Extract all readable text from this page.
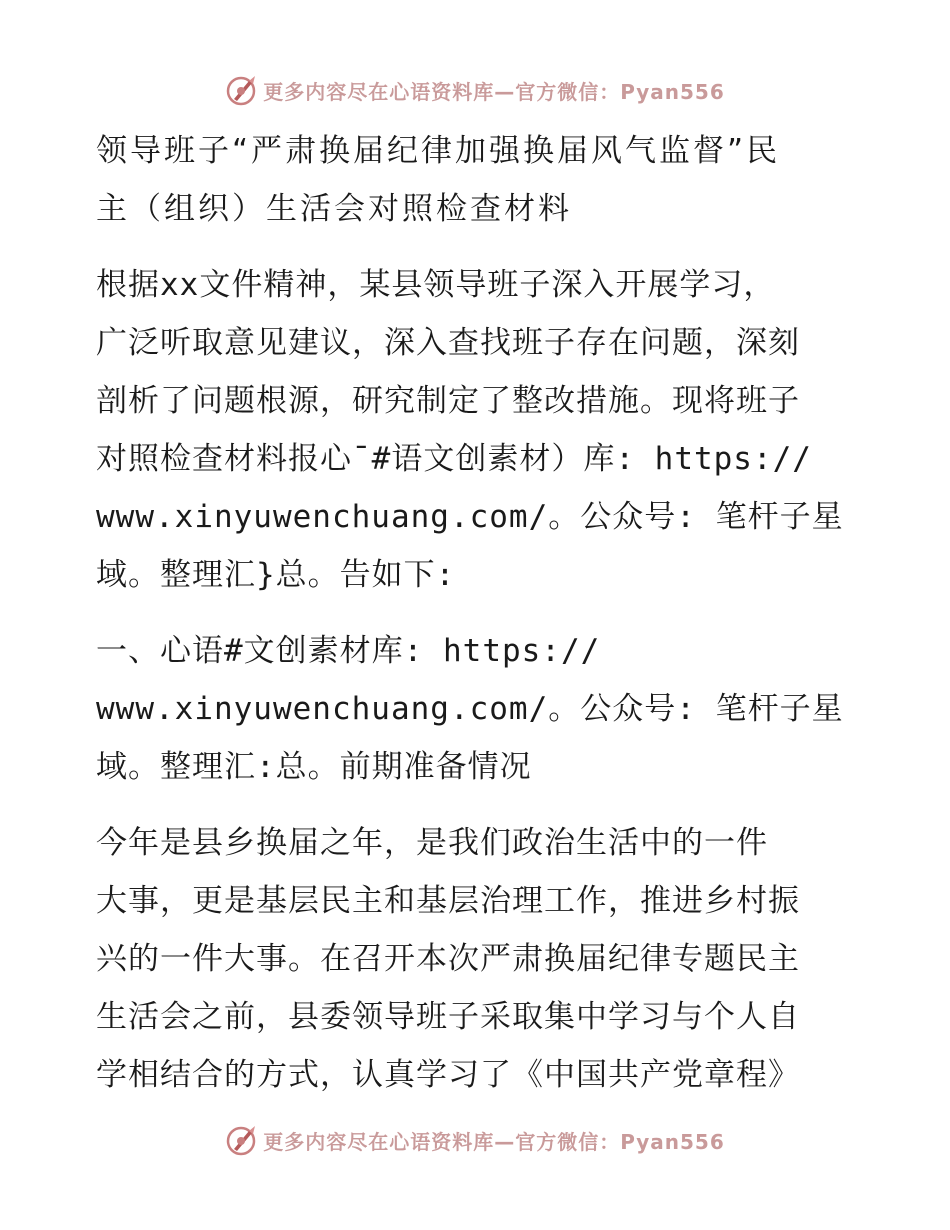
更多内容尽在心语资料库—官方微信：Pyan556
领导班子“严肃换届纪律加强换届风气监督”民
主（组织）生活会对照检查材料
根据xx文件精神，某县领导班子深入开展学习，
广泛听取意见建议，深入查找班子存在问题，深刻
剖析了问题根源，研究制定了整改措施。现将班子
对照检查材料报心¯#语文创素材）库: https://
www.xinyuwenchuang.com/。公众号: 笔杆子星
域。整理汇}总。告如下:
一、心语#文创素材库: https://
www.xinyuwenchuang.com/。公众号: 笔杆子星
域。整理汇:总。前期准备情况
今年是县乡换届之年，是我们政治生活中的一件
大事，更是基层民主和基层治理工作，推进乡村振
兴的一件大事。在召开本次严肃换届纪律专题民主
生活会之前，县委领导班子采取集中学习与个人自
学相结合的方式，认真学习了《中国共产党章程》
更多内容尽在心语资料库—官方微信：Pyan556
